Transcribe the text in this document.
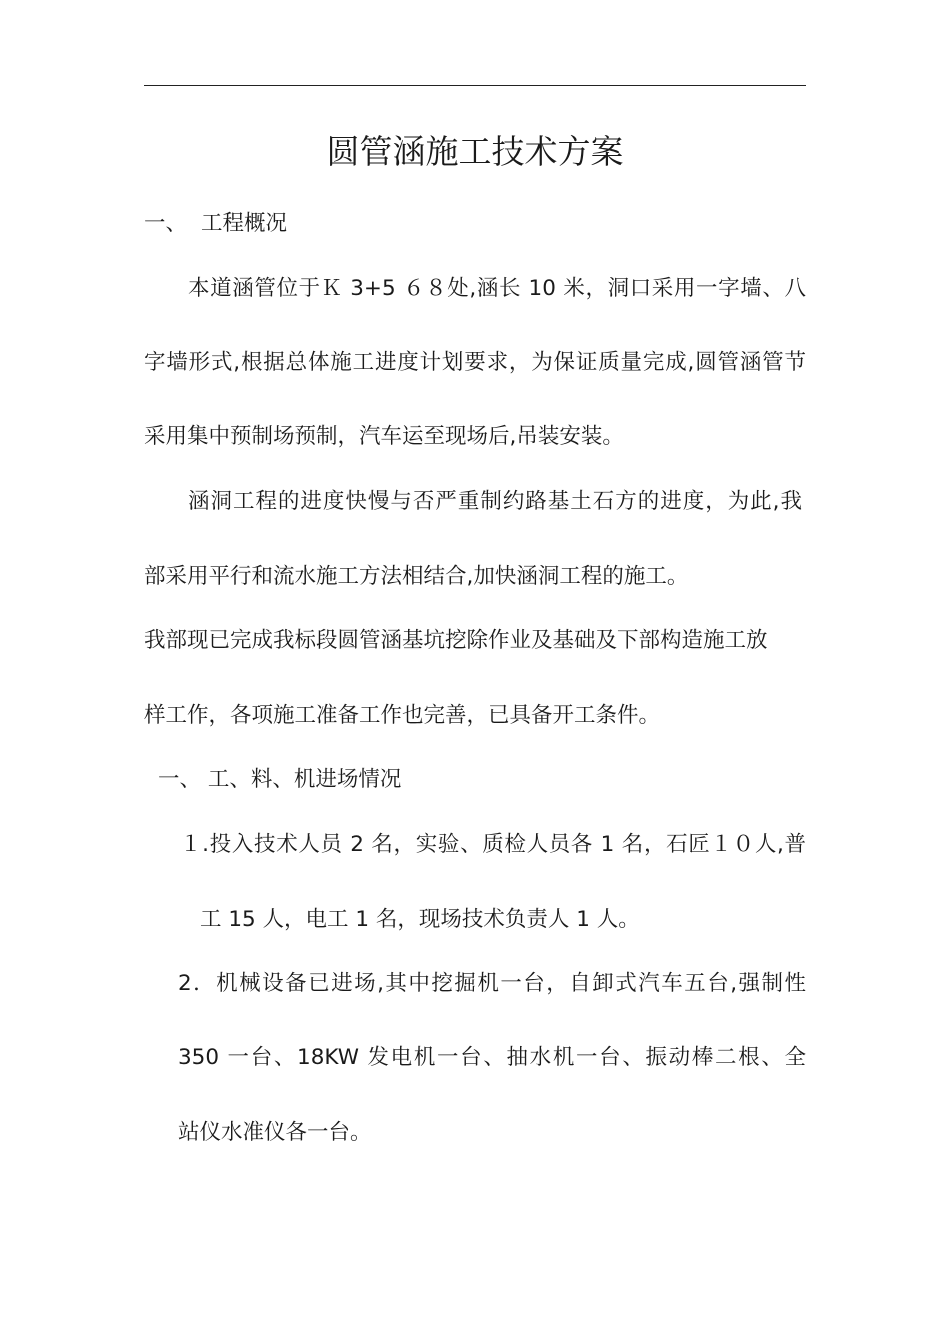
圆管涵施工技术方案
一、 工程概况
本道涵管位于Ｋ 3+5 ６８处,涵长 10 米，洞口采用一字墙、八
字墙形式,根据总体施工进度计划要求，为保证质量完成,圆管涵管节
采用集中预制场预制，汽车运至现场后,吊装安装。
涵洞工程的进度快慢与否严重制约路基土石方的进度，为此,我
部采用平行和流水施工方法相结合,加快涵洞工程的施工。
我部现已完成我标段圆管涵基坑挖除作业及基础及下部构造施工放
样工作，各项施工准备工作也完善，已具备开工条件。
一、 工、料、机进场情况
１.投入技术人员 2 名，实验、质检人员各 1 名，石匠１０人,普
工 15 人，电工 1 名，现场技术负责人 1 人。
2．机械设备已进场,其中挖掘机一台，自卸式汽车五台,强制性
350 一台、18KW 发电机一台、抽水机一台、振动棒二根、全
站仪水准仪各一台。
